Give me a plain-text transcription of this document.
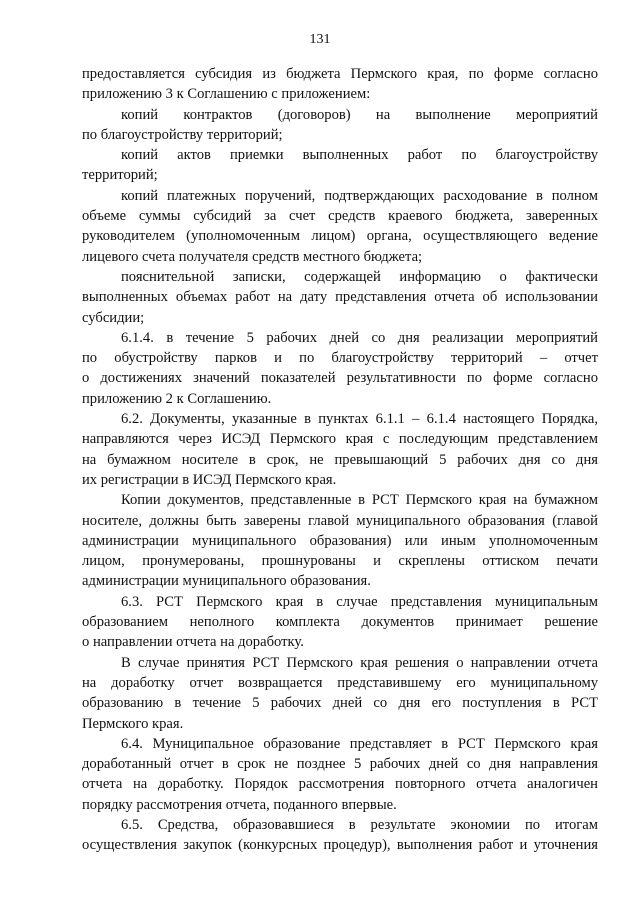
131
предоставляется субсидия из бюджета Пермского края, по форме согласно
приложению 3 к Соглашению с приложением:
копий контрактов (договоров) на выполнение мероприятий
по благоустройству территорий;
копий актов приемки выполненных работ по благоустройству
территорий;
копий платежных поручений, подтверждающих расходование в полном
объеме суммы субсидий за счет средств краевого бюджета, заверенных
руководителем (уполномоченным лицом) органа, осуществляющего ведение
лицевого счета получателя средств местного бюджета;
пояснительной записки, содержащей информацию о фактически
выполненных объемах работ на дату представления отчета об использовании
субсидии;
6.1.4. в течение 5 рабочих дней со дня реализации мероприятий
по обустройству парков и по благоустройству территорий – отчет
о достижениях значений показателей результативности по форме согласно
приложению 2 к Соглашению.
6.2. Документы, указанные в пунктах 6.1.1 – 6.1.4 настоящего Порядка,
направляются через ИСЭД Пермского края с последующим представлением
на бумажном носителе в срок, не превышающий 5 рабочих дня со дня
их регистрации в ИСЭД Пермского края.
Копии документов, представленные в РСТ Пермского края на бумажном
носителе, должны быть заверены главой муниципального образования (главой
администрации муниципального образования) или иным уполномоченным
лицом, пронумерованы, прошнурованы и скреплены оттиском печати
администрации муниципального образования.
6.3. РСТ Пермского края в случае представления муниципальным
образованием неполного комплекта документов принимает решение
о направлении отчета на доработку.
В случае принятия РСТ Пермского края решения о направлении отчета
на доработку отчет возвращается представившему его муниципальному
образованию в течение 5 рабочих дней со дня его поступления в РСТ
Пермского края.
6.4. Муниципальное образование представляет в РСТ Пермского края
доработанный отчет в срок не позднее 5 рабочих дней со дня направления
отчета на доработку. Порядок рассмотрения повторного отчета аналогичен
порядку рассмотрения отчета, поданного впервые.
6.5. Средства, образовавшиеся в результате экономии по итогам
осуществления закупок (конкурсных процедур), выполнения работ и уточнения
